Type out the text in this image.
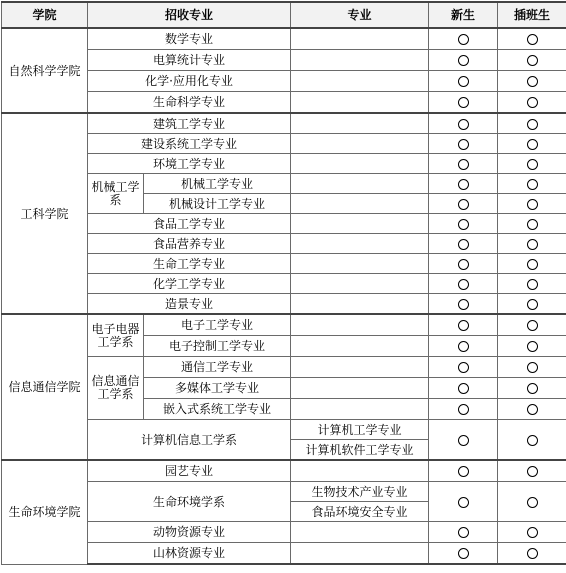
学院	招收专业		专业	新生	插班生
自然科学学院	数学专业				
	电算统计专业				
	化学·应用化专业				
	生命科学专业				
工科学院	建筑工学专业				
	建设系统工学专业				
	环境工学专业				
	机械工学系	机械工学专业			
		机械设计工学专业			
	食品工学专业				
	食品营养专业				
	生命工学专业				
	化学工学专业				
	造景专业				
信息通信学院	电子电器工学系	电子工学专业			
		电子控制工学专业			
	信息通信工学系	通信工学专业			
		多媒体工学专业			
		嵌入式系统工学专业			
	计算机信息工学系		计算机工学专业		
			计算机软件工学专业		
生命环境学院	园艺专业				
	生命环境学系		生物技术产业专业		
			食品环境安全专业		
	动物资源专业				
	山林资源专业				
